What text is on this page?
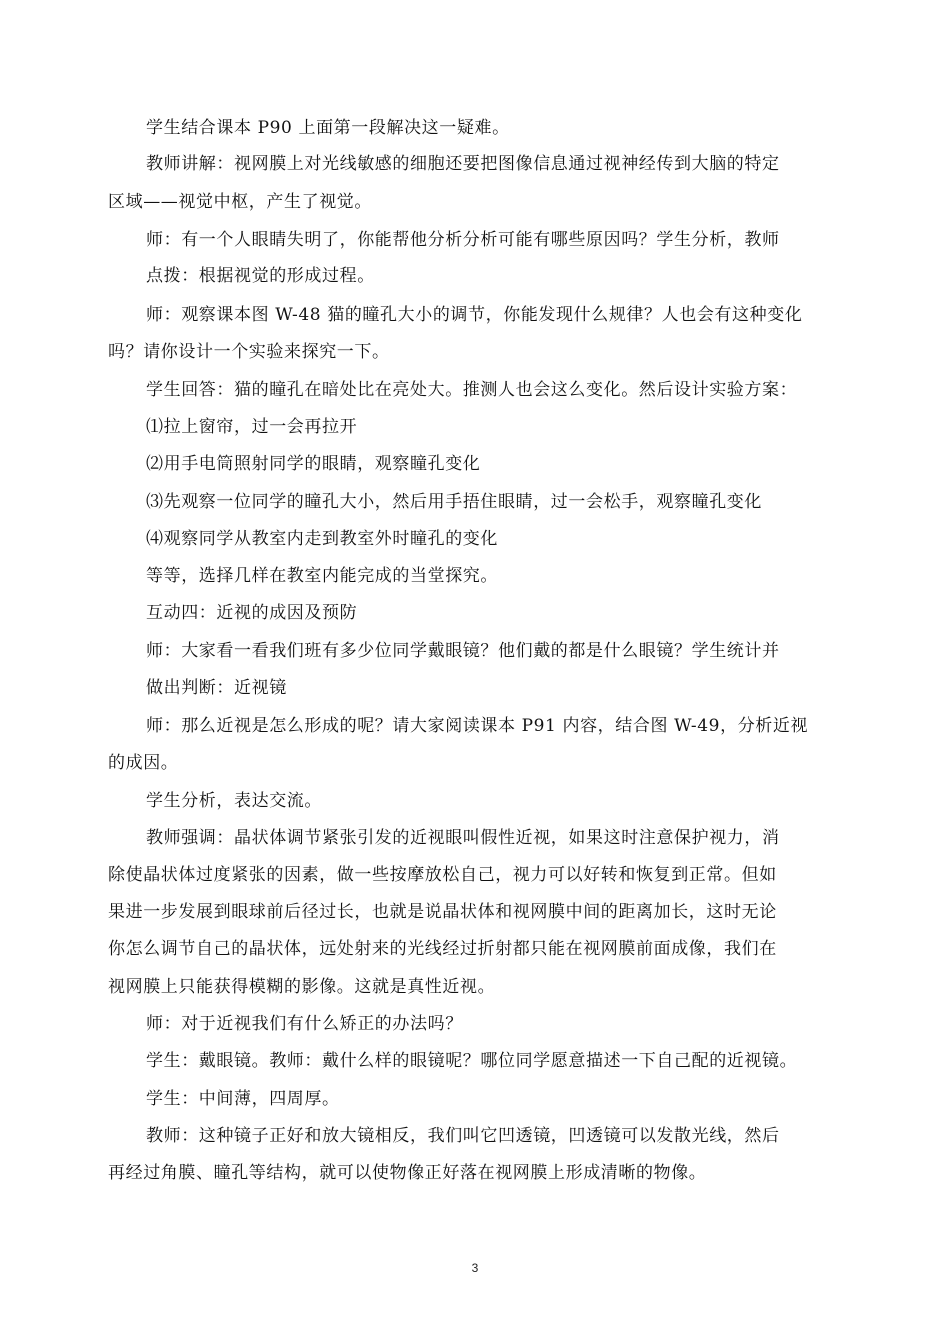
学生结合课本 P90 上面第一段解决这一疑难。
教师讲解：视网膜上对光线敏感的细胞还要把图像信息通过视神经传到大脑的特定
区域——视觉中枢，产生了视觉。
师：有一个人眼睛失明了，你能帮他分析分析可能有哪些原因吗？学生分析，教师
点拨：根据视觉的形成过程。
师：观察课本图 W-48 猫的瞳孔大小的调节，你能发现什么规律？人也会有这种变化
吗？请你设计一个实验来探究一下。
学生回答：猫的瞳孔在暗处比在亮处大。推测人也会这么变化。然后设计实验方案：
⑴拉上窗帘，过一会再拉开
⑵用手电筒照射同学的眼睛，观察瞳孔变化
⑶先观察一位同学的瞳孔大小，然后用手捂住眼睛，过一会松手，观察瞳孔变化
⑷观察同学从教室内走到教室外时瞳孔的变化
等等，选择几样在教室内能完成的当堂探究。
互动四：近视的成因及预防
师：大家看一看我们班有多少位同学戴眼镜？他们戴的都是什么眼镜？学生统计并
做出判断：近视镜
师：那么近视是怎么形成的呢？请大家阅读课本 P91 内容，结合图 W-49，分析近视
的成因。
学生分析，表达交流。
教师强调：晶状体调节紧张引发的近视眼叫假性近视，如果这时注意保护视力，消
除使晶状体过度紧张的因素，做一些按摩放松自己，视力可以好转和恢复到正常。但如
果进一步发展到眼球前后径过长，也就是说晶状体和视网膜中间的距离加长，这时无论
你怎么调节自己的晶状体，远处射来的光线经过折射都只能在视网膜前面成像，我们在
视网膜上只能获得模糊的影像。这就是真性近视。
师：对于近视我们有什么矫正的办法吗？
学生：戴眼镜。教师：戴什么样的眼镜呢？哪位同学愿意描述一下自己配的近视镜。
学生：中间薄，四周厚。
教师：这种镜子正好和放大镜相反，我们叫它凹透镜，凹透镜可以发散光线，然后
再经过角膜、瞳孔等结构，就可以使物像正好落在视网膜上形成清晰的物像。
3
